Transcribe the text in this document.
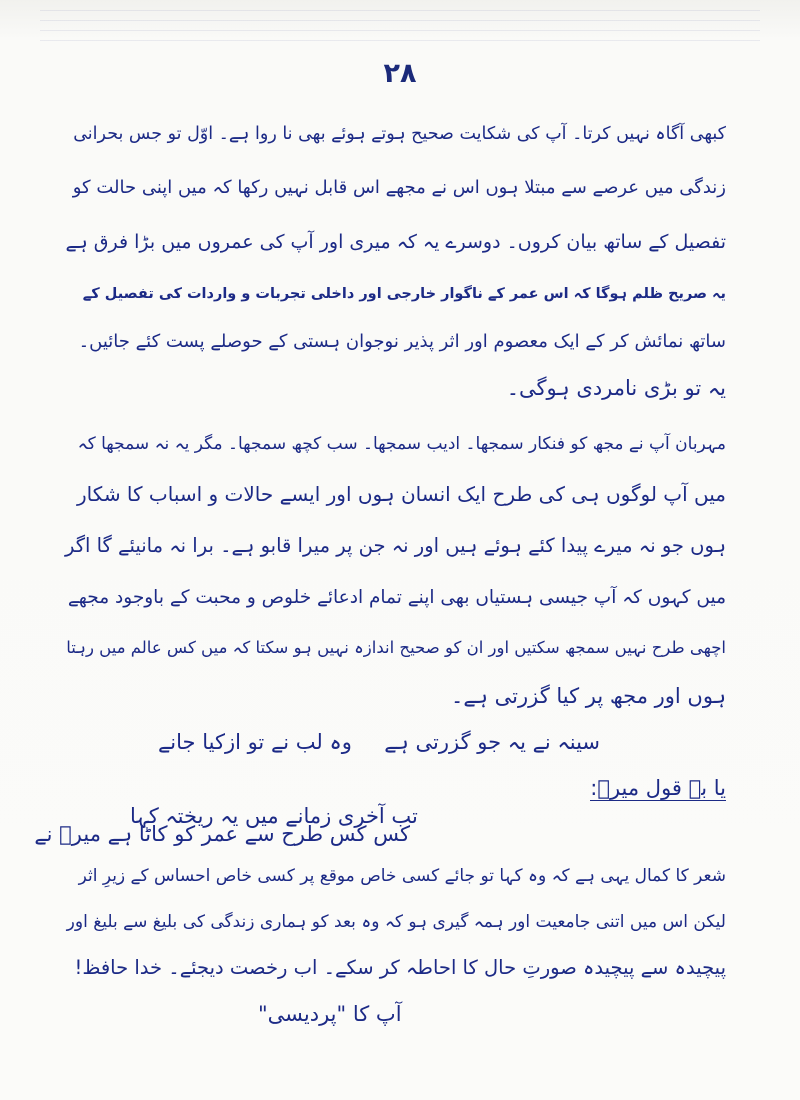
۲۸
کبھی آگاہ نہیں کرتا۔ آپ کی شکایت صحیح ہوتے ہوئے بھی نا روا ہے۔ اوّل تو جس بحرانی
زندگی میں عرصے سے مبتلا ہوں اس نے مجھے اس قابل نہیں رکھا کہ میں اپنی حالت کو
تفصیل کے ساتھ بیان کروں۔ دوسرے یہ کہ میری اور آپ کی عمروں میں بڑا فرق ہے
یہ صریح ظلم ہوگا کہ اس عمر کے ناگوار خارجی اور داخلی تجربات و واردات کی تفصیل کے
ساتھ نمائش کر کے ایک معصوم اور اثر پذیر نوجوان ہستی کے حوصلے پست کئے جائیں۔
یہ تو بڑی نامردی ہوگی۔
مہربان آپ نے مجھ کو فنکار سمجھا۔ ادیب سمجھا۔ سب کچھ سمجھا۔ مگر یہ نہ سمجھا کہ
میں آپ لوگوں ہی کی طرح ایک انسان ہوں اور ایسے حالات و اسباب کا شکار
ہوں جو نہ میرے پیدا کئے ہوئے ہیں اور نہ جن پر میرا قابو ہے۔ برا نہ مانیئے گا اگر
میں کہوں کہ آپ جیسی ہستیاں بھی اپنے تمام ادعائے خلوص و محبت کے باوجود مجھے
اچھی طرح نہیں سمجھ سکتیں اور ان کو صحیح اندازہ نہیں ہو سکتا کہ میں کس عالم میں رہتا
ہوں اور مجھ پر کیا گزرتی ہے۔
سینہ نے یہ جو گزرتی ہے
وہ لب نے تو ازکیا جانے
یا بہ قول میرؔ:
کس کس طرح سے عمر کو کاٹا ہے میرؔ نے
تب آخری زمانے میں یہ ریختہ کہا
شعر کا کمال یہی ہے کہ وہ کہا تو جائے کسی خاص موقع پر کسی خاص احساس کے زیرِ اثر
لیکن اس میں اتنی جامعیت اور ہمہ گیری ہو کہ وہ بعد کو ہماری زندگی کی بلیغ سے بلیغ اور
پیچیدہ سے پیچیدہ صورتِ حال کا احاطہ کر سکے۔ اب رخصت دیجئے۔ خدا حافظ!
آپ کا "پردیسی"
